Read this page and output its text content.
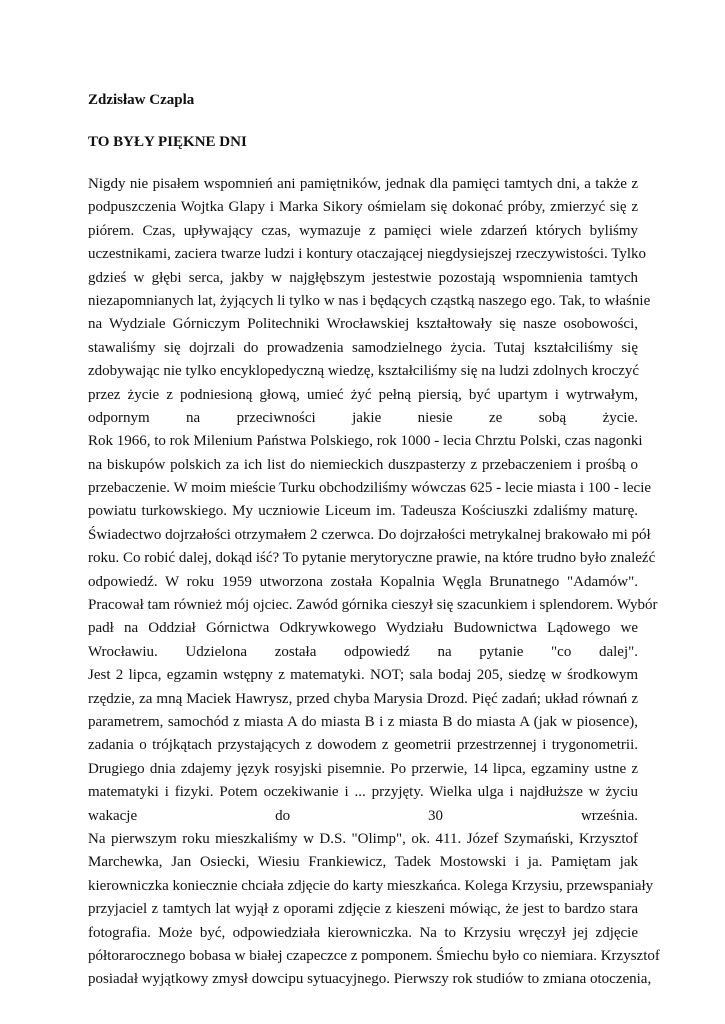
Zdzisław Czapla

TO BYŁY PIĘKNE DNI

Nigdy nie pisałem wspomnień ani pamiętników, jednak dla pamięci tamtych dni, a także z
podpuszczenia Wojtka Glapy i Marka Sikory ośmielam się dokonać próby, zmierzyć się z
piórem. Czas, upływający czas, wymazuje z pamięci wiele zdarzeń których byliśmy
uczestnikami, zaciera twarze ludzi i kontury otaczającej niegdysiejszej rzeczywistości. Tylko
gdzieś w głębi serca, jakby w najgłębszym jestestwie pozostają wspomnienia tamtych
niezapomnianych lat, żyjących li tylko w nas i będących cząstką naszego ego. Tak, to właśnie
na Wydziale Górniczym Politechniki Wrocławskiej kształtowały się nasze osobowości,
stawaliśmy się dojrzali do prowadzenia samodzielnego życia. Tutaj kształciliśmy się
zdobywając nie tylko encyklopedyczną wiedzę, kształciliśmy się na ludzi zdolnych kroczyć
przez życie z podniesioną głową, umieć żyć pełną piersią, być upartym i wytrwałym,
odpornym na przeciwności jakie niesie ze sobą życie.
Rok 1966, to rok Milenium Państwa Polskiego, rok 1000 - lecia Chrztu Polski, czas nagonki
na biskupów polskich za ich list do niemieckich duszpasterzy z przebaczeniem i prośbą o
przebaczenie. W moim mieście Turku obchodziliśmy wówczas 625 - lecie miasta i 100 - lecie
powiatu turkowskiego. My uczniowie Liceum im. Tadeusza Kościuszki zdaliśmy maturę.
Świadectwo dojrzałości otrzymałem 2 czerwca. Do dojrzałości metrykalnej brakowało mi pół
roku. Co robić dalej, dokąd iść? To pytanie merytoryczne prawie, na które trudno było znaleźć
odpowiedź. W roku 1959 utworzona została Kopalnia Węgla Brunatnego "Adamów".
Pracował tam również mój ojciec. Zawód górnika cieszył się szacunkiem i splendorem. Wybór
padł na Oddział Górnictwa Odkrywkowego Wydziału Budownictwa Lądowego we
Wrocławiu. Udzielona została odpowiedź na pytanie "co dalej".
Jest 2 lipca, egzamin wstępny z matematyki. NOT; sala bodaj 205, siedzę w środkowym
rzędzie, za mną Maciek Hawrysz, przed chyba Marysia Drozd. Pięć zadań; układ równań z
parametrem, samochód z miasta A do miasta B i z miasta B do miasta A (jak w piosence),
zadania o trójkątach przystających z dowodem z geometrii przestrzennej i trygonometrii.
Drugiego dnia zdajemy język rosyjski pisemnie. Po przerwie, 14 lipca, egzaminy ustne z
matematyki i fizyki. Potem oczekiwanie i ... przyjęty. Wielka ulga i najdłuższe w życiu
wakacje do 30 września.
Na pierwszym roku mieszkaliśmy w D.S. "Olimp", ok. 411. Józef Szymański, Krzysztof
Marchewka, Jan Osiecki, Wiesiu Frankiewicz, Tadek Mostowski i ja. Pamiętam jak
kierowniczka koniecznie chciała zdjęcie do karty mieszkańca. Kolega Krzysiu, przewspaniały
przyjaciel z tamtych lat wyjął z oporami zdjęcie z kieszeni mówiąc, że jest to bardzo stara
fotografia. Może być, odpowiedziała kierowniczka. Na to Krzysiu wręczył jej zdjęcie
półtorarocznego bobasa w białej czapeczce z pomponem. Śmiechu było co niemiara. Krzysztof
posiadał wyjątkowy zmysł dowcipu sytuacyjnego. Pierwszy rok studiów to zmiana otoczenia,
